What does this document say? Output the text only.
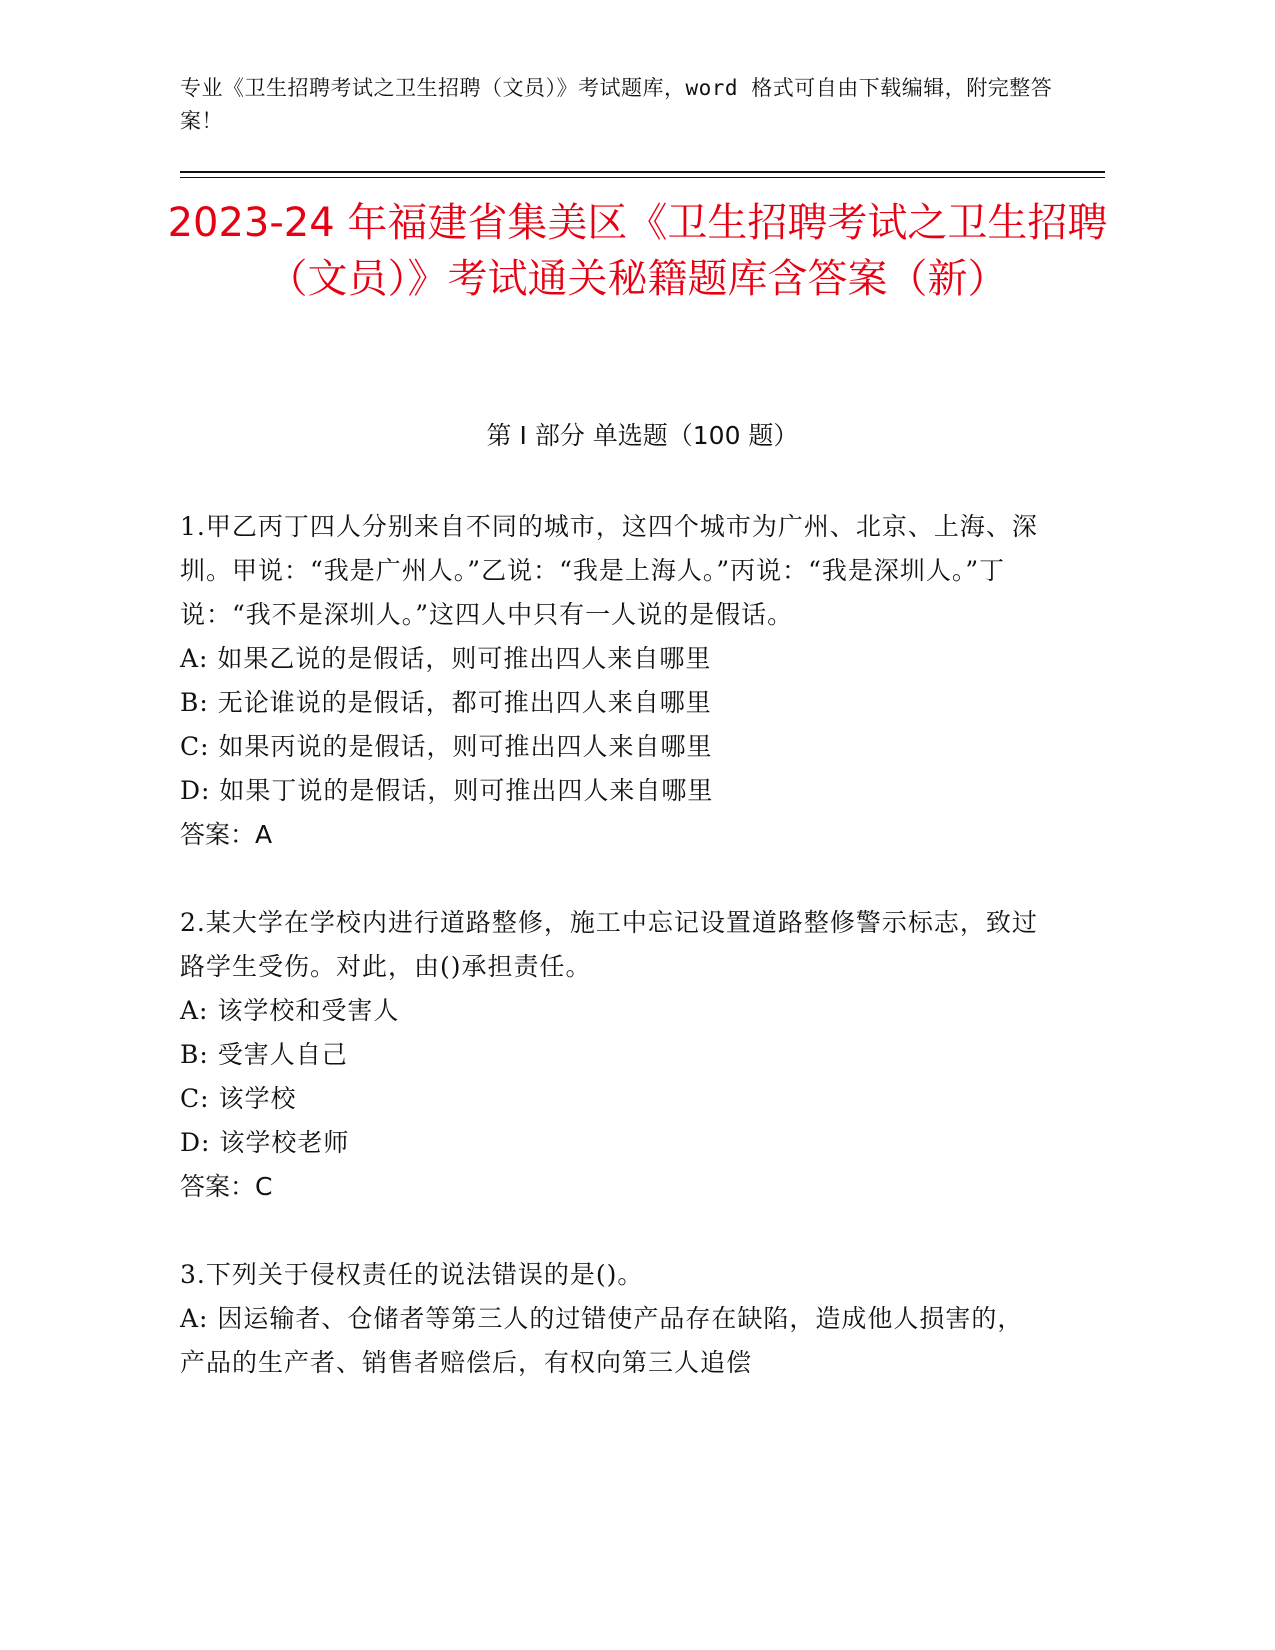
专业《卫生招聘考试之卫生招聘（文员）》考试题库，word 格式可自由下载编辑，附完整答案！
2023-24 年福建省集美区《卫生招聘考试之卫生招聘（文员）》考试通关秘籍题库含答案（新）
第 I 部分 单选题（100 题）
1.甲乙丙丁四人分别来自不同的城市，这四个城市为广州、北京、上海、深圳。甲说：“我是广州人。”乙说：“我是上海人。”丙说：“我是深圳人。”丁说：“我不是深圳人。”这四人中只有一人说的是假话。
A: 如果乙说的是假话，则可推出四人来自哪里
B: 无论谁说的是假话，都可推出四人来自哪里
C: 如果丙说的是假话，则可推出四人来自哪里
D: 如果丁说的是假话，则可推出四人来自哪里
答案：A
2.某大学在学校内进行道路整修，施工中忘记设置道路整修警示标志，致过路学生受伤。对此，由()承担责任。
A: 该学校和受害人
B: 受害人自己
C: 该学校
D: 该学校老师
答案：C
3.下列关于侵权责任的说法错误的是()。
A: 因运输者、仓储者等第三人的过错使产品存在缺陷，造成他人损害的，产品的生产者、销售者赔偿后，有权向第三人追偿
